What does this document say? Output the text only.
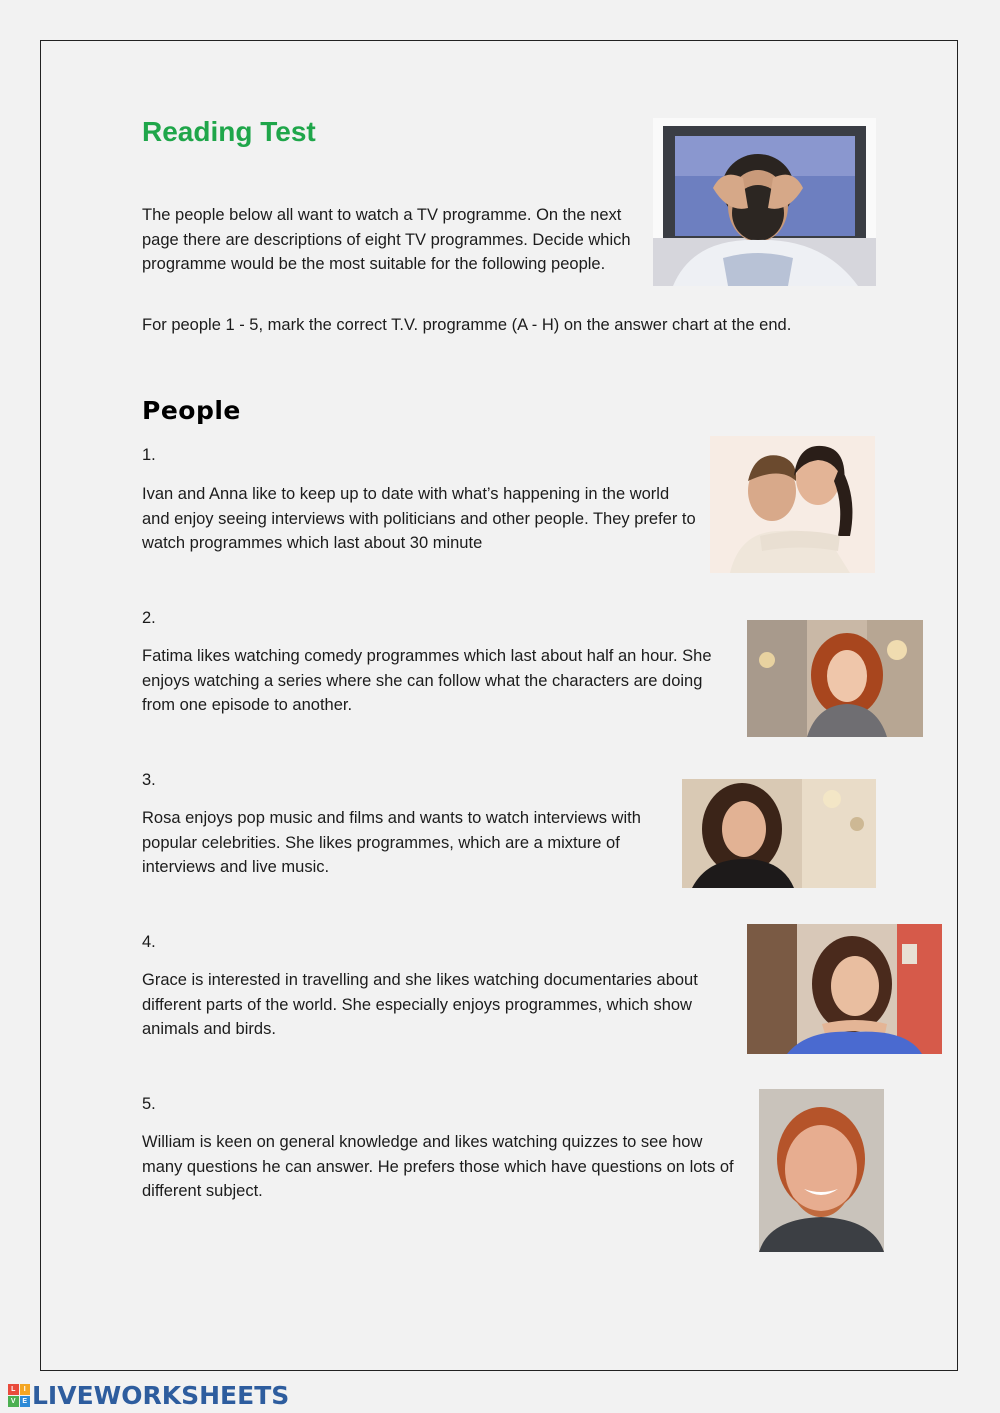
Reading Test

The people below all want to watch a TV programme. On the next page there are descriptions of eight TV programmes. Decide which programme would be the most suitable for the following people.

For people 1 - 5, mark the correct T.V. programme (A - H) on the answer chart at the end.

People

1.

Ivan and Anna like to keep up to date with what’s happening in the world and enjoy seeing interviews with politicians and other people. They prefer to watch programmes which last about 30 minute

2.

Fatima likes watching comedy programmes which last about half an hour. She enjoys watching a series where she can follow what the characters are doing from one episode to another.

3.

Rosa enjoys pop music and films and wants to watch interviews with popular celebrities. She likes programmes, which are a mixture of interviews and live music.

4.

Grace is interested in travelling and she likes watching documentaries about different parts of the world. She especially enjoys programmes, which show animals and birds.

5.

William is keen on general knowledge and likes watching quizzes to see how many questions he can answer. He prefers those which have questions on lots of different subject.

L	I
V E LIVEWORKSHEETS
